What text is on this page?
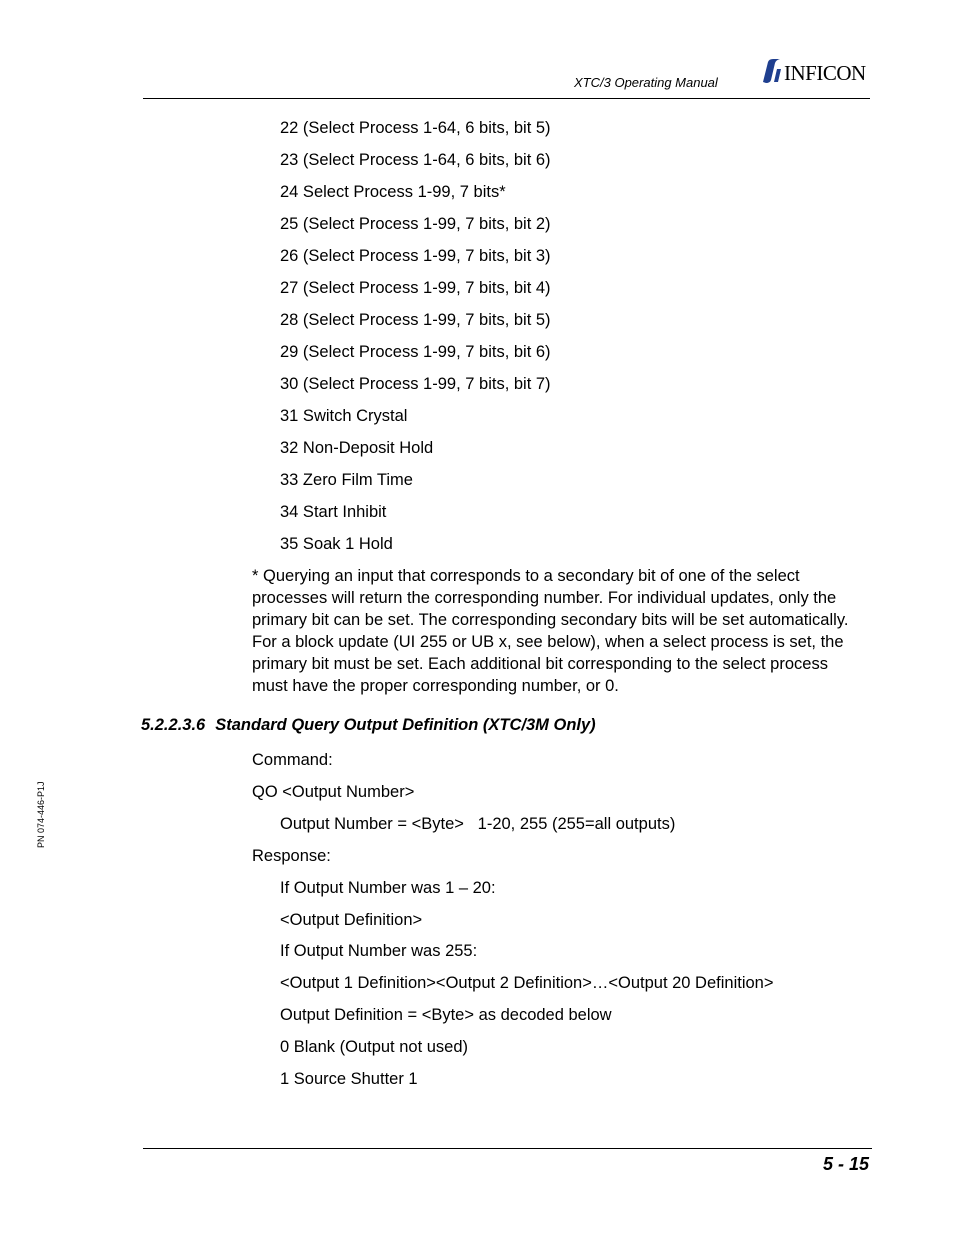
XTC/3 Operating Manual	INFICON
22 (Select Process 1-64, 6 bits, bit 5)
23 (Select Process 1-64, 6 bits, bit 6)
24 Select Process 1-99, 7 bits*
25 (Select Process 1-99, 7 bits, bit 2)
26 (Select Process 1-99, 7 bits, bit 3)
27 (Select Process 1-99, 7 bits, bit 4)
28 (Select Process 1-99, 7 bits, bit 5)
29 (Select Process 1-99, 7 bits, bit 6)
30 (Select Process 1-99, 7 bits, bit 7)
31 Switch Crystal
32 Non-Deposit Hold
33 Zero Film Time
34 Start Inhibit
35 Soak 1 Hold
* Querying an input that corresponds to a secondary bit of one of the select
processes will return the corresponding number. For individual updates, only the
primary bit can be set. The corresponding secondary bits will be set automatically.
For a block update (UI 255 or UB x, see below), when a select process is set, the
primary bit must be set. Each additional bit corresponding to the select process
must have the proper corresponding number, or 0.
5.2.2.3.6 Standard Query Output Definition (XTC/3M Only)
Command:
QO <Output Number>
Output Number = <Byte>   1-20, 255 (255=all outputs)
Response:
If Output Number was 1 – 20:
<Output Definition>
If Output Number was 255:
<Output 1 Definition><Output 2 Definition>…<Output 20 Definition>
Output Definition = <Byte> as decoded below
0 Blank (Output not used)
1 Source Shutter 1
PN 074-446-P1J
5 - 15
